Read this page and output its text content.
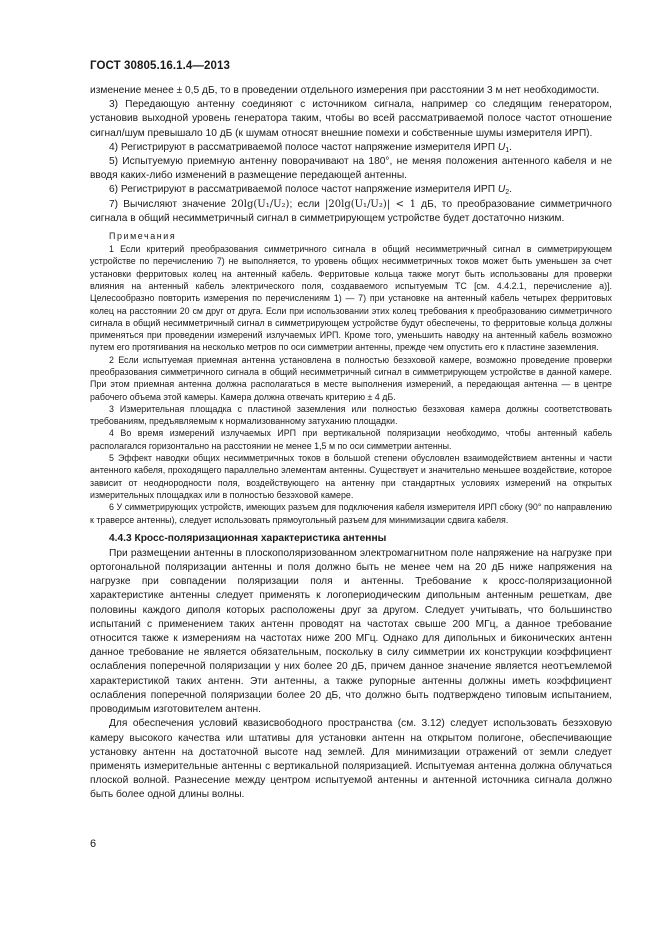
ГОСТ 30805.16.1.4—2013

изменение менее ± 0,5 дБ, то в проведении отдельного измерения при расстоянии 3 м нет необходимости.

3) Передающую антенну соединяют с источником сигнала, например со следящим генератором, установив выходной уровень генератора таким, чтобы во всей рассматриваемой полосе частот отношение сигнал/шум превышало 10 дБ (к шумам относят внешние помехи и собственные шумы измерителя ИРП).

4) Регистрируют в рассматриваемой полосе частот напряжение измерителя ИРП $U_1$.

5) Испытуемую приемную антенну поворачивают на 180°, не меняя положения антенного кабеля и не вводя каких-либо изменений в размещение передающей антенны.

6) Регистрируют в рассматриваемой полосе частот напряжение измерителя ИРП $U_2$.

7) Вычисляют значение 20lg(U₁/U₂); если |20lg(U₁/U₂)| < 1 дБ, то преобразование симметричного сигнала в общий несимметричный сигнал в симметрирующем устройстве будет достаточно низким.

Примечания

1 Если критерий преобразования симметричного сигнала в общий несимметричный сигнал в симметрирующем устройстве по перечислению 7) не выполняется, то уровень общих несимметричных токов может быть уменьшен за счет установки ферритовых колец на антенный кабель. Ферритовые кольца также могут быть использованы для проверки влияния на антенный кабель электрического поля, создаваемого испытуемым ТС [см. 4.4.2.1, перечисление а)]. Целесообразно повторить измерения по перечислениям 1) — 7) при установке на антенный кабель четырех ферритовых колец на расстоянии 20 см друг от друга. Если при использовании этих колец требования к преобразованию симметричного сигнала в общий несимметричный сигнал в симметрирующем устройстве будут обеспечены, то ферритовые кольца должны применяться при проведении измерений излучаемых ИРП. Кроме того, уменьшить наводку на антенный кабель возможно путем его протягивания на несколько метров по оси симметрии антенны, прежде чем опустить его к пластине заземления.

2 Если испытуемая приемная антенна установлена в полностью безэховой камере, возможно проведение проверки преобразования симметричного сигнала в общий несимметричный сигнал в симметрирующем устройстве в данной камере. При этом приемная антенна должна располагаться в месте выполнения измерений, а передающая антенна — в центре рабочего объема этой камеры. Камера должна отвечать критерию ± 4 дБ.

3 Измерительная площадка с пластиной заземления или полностью безэховая камера должны соответствовать требованиям, предъявляемым к нормализованному затуханию площадки.

4 Во время измерений излучаемых ИРП при вертикальной поляризации необходимо, чтобы антенный кабель располагался горизонтально на расстоянии не менее 1,5 м по оси симметрии антенны.

5 Эффект наводки общих несимметричных токов в большой степени обусловлен взаимодействием антенны и части антенного кабеля, проходящего параллельно элементам антенны. Существует и значительно меньшее воздействие, которое зависит от неоднородности поля, воздействующего на антенну при стандартных условиях измерений на открытых измерительных площадках или в полностью безэховой камере.

6 У симметрирующих устройств, имеющих разъем для подключения кабеля измерителя ИРП сбоку (90° по направлению к траверсе антенны), следует использовать прямоугольный разъем для минимизации сдвига кабеля.

4.4.3 Кросс-поляризационная характеристика антенны

При размещении антенны в плоскополяризованном электромагнитном поле напряжение на нагрузке при ортогональной поляризации антенны и поля должно быть не менее чем на 20 дБ ниже напряжения на нагрузке при совпадении поляризации поля и антенны. Требование к кросс-поляризационной характеристике антенны следует применять к логопериодическим дипольным антенным решеткам, две половины каждого диполя которых расположены друг за другом. Следует учитывать, что большинство испытаний с применением таких антенн проводят на частотах свыше 200 МГц, а данное требование относится также к измерениям на частотах ниже 200 МГц. Однако для дипольных и биконических антенн данное требование не является обязательным, поскольку в силу симметрии их конструкции коэффициент ослабления поперечной поляризации у них более 20 дБ, причем данное значение является неотъемлемой характеристикой таких антенн. Эти антенны, а также рупорные антенны должны иметь коэффициент ослабления поперечной поляризации более 20 дБ, что должно быть подтверждено типовым испытанием, проводимым изготовителем антенн.

Для обеспечения условий квазисвободного пространства (см. 3.12) следует использовать безэховую камеру высокого качества или штативы для установки антенн на открытом полигоне, обеспечивающие установку антенн на достаточной высоте над землей. Для минимизации отражений от земли следует применять измерительные антенны с вертикальной поляризацией. Испытуемая антенна должна облучаться плоской волной. Разнесение между центром испытуемой антенны и антенной источника сигнала должно быть более одной длины волны.

6
